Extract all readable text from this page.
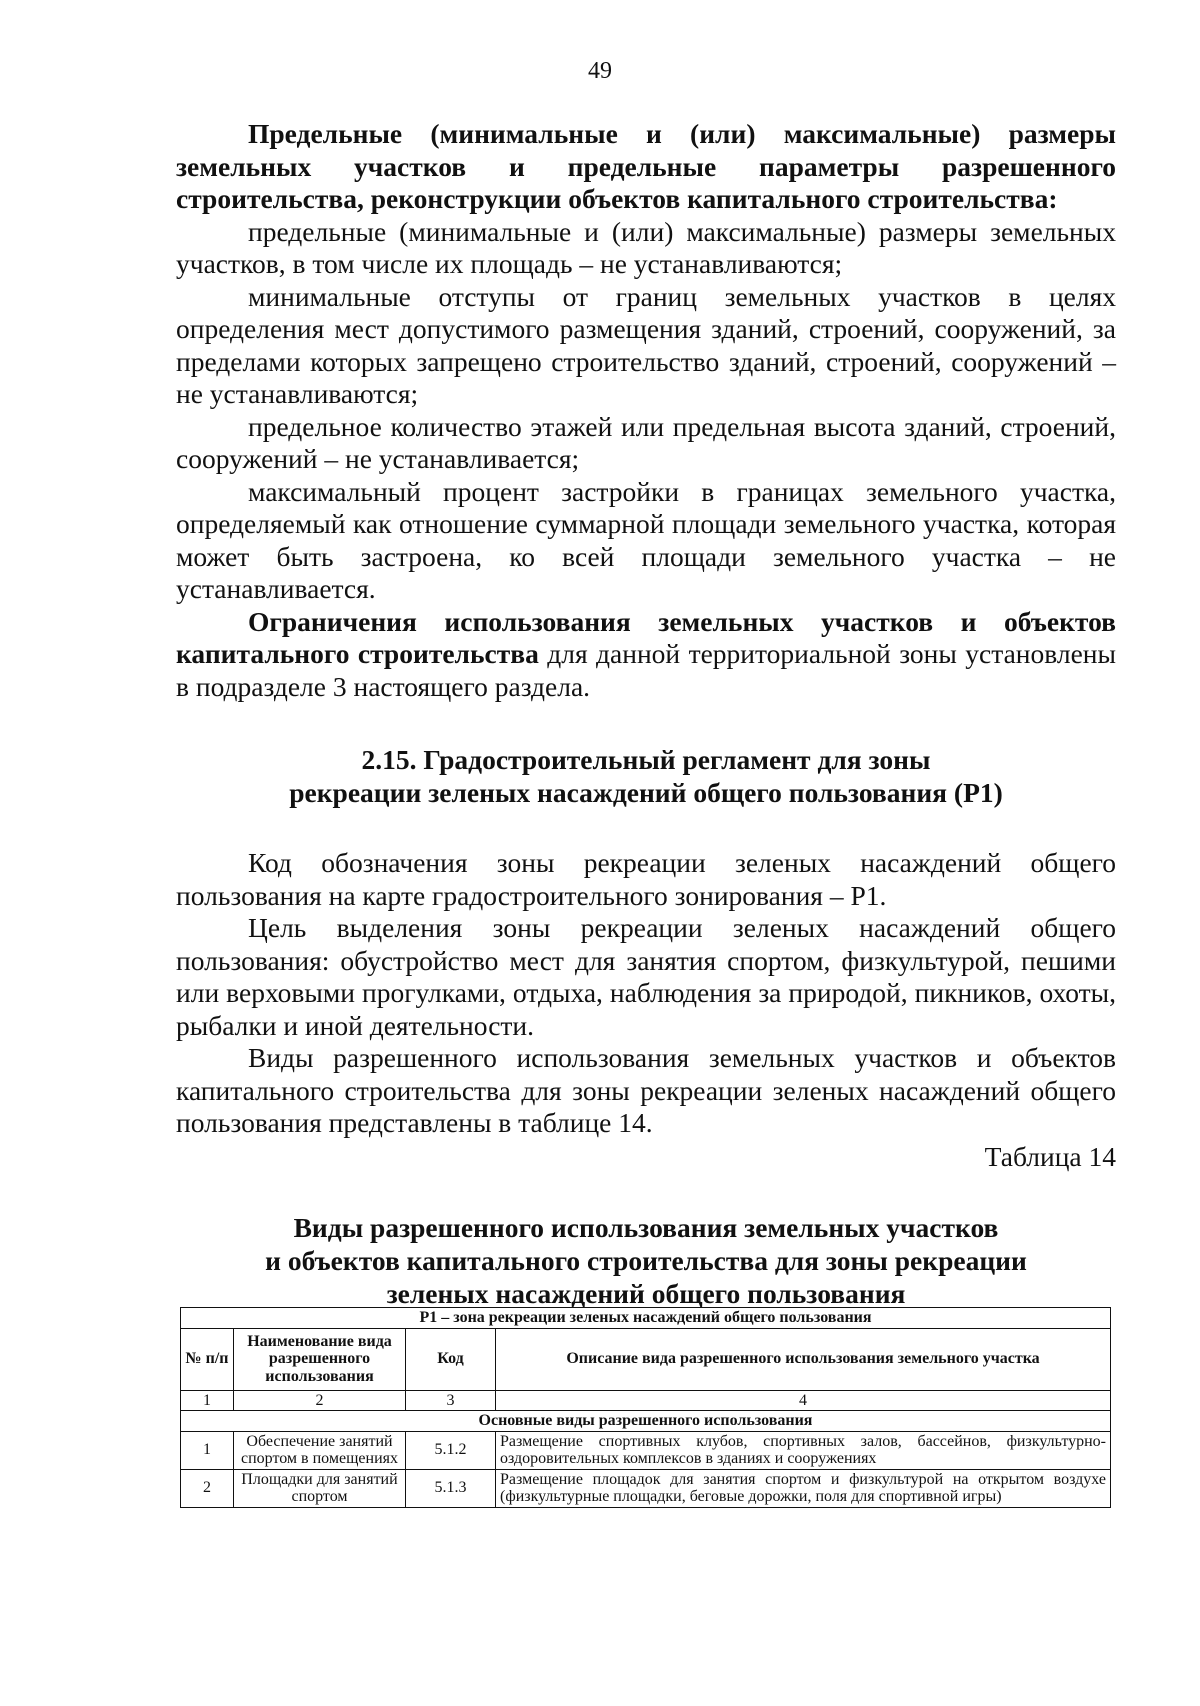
49

Предельные (минимальные и (или) максимальные) размеры земельных участков и предельные параметры разрешенного строительства, реконструкции объектов капитального строительства:

предельные (минимальные и (или) максимальные) размеры земельных участков, в том числе их площадь – не устанавливаются;

минимальные отступы от границ земельных участков в целях определения мест допустимого размещения зданий, строений, сооружений, за пределами которых запрещено строительство зданий, строений, сооружений – не устанавливаются;

предельное количество этажей или предельная высота зданий, строений, сооружений – не устанавливается;

максимальный процент застройки в границах земельного участка, определяемый как отношение суммарной площади земельного участка, которая может быть застроена, ко всей площади земельного участка – не устанавливается.

Ограничения использования земельных участков и объектов капитального строительства для данной территориальной зоны установлены в подразделе 3 настоящего раздела.

2.15. Градостроительный регламент для зоны
рекреации зеленых насаждений общего пользования (Р1)

Код обозначения зоны рекреации зеленых насаждений общего пользования на карте градостроительного зонирования – Р1.

Цель выделения зоны рекреации зеленых насаждений общего пользования: обустройство мест для занятия спортом, физкультурой, пешими или верховыми прогулками, отдыха, наблюдения за природой, пикников, охоты, рыбалки и иной деятельности.

Виды разрешенного использования земельных участков и объектов капитального строительства для зоны рекреации зеленых насаждений общего пользования представлены в таблице 14.

Таблица 14
Виды разрешенного использования земельных участков
и объектов капитального строительства для зоны рекреации
зеленых насаждений общего пользования
Р1 – зона рекреации зеленых насаждений общего пользования			
№ п/п	Наименование вида разрешенного использования	Код	Описание вида разрешенного использования земельного участка
1	2	3	4
Основные виды разрешенного использования			
1	Обеспечение занятий спортом в помещениях	5.1.2	Размещение спортивных клубов, спортивных залов, бассейнов, физкультурно-оздоровительных комплексов в зданиях и сооружениях
2	Площадки для занятий спортом	5.1.3	Размещение площадок для занятия спортом и физкультурой на открытом воздухе (физкультурные площадки, беговые дорожки, поля для спортивной игры)
